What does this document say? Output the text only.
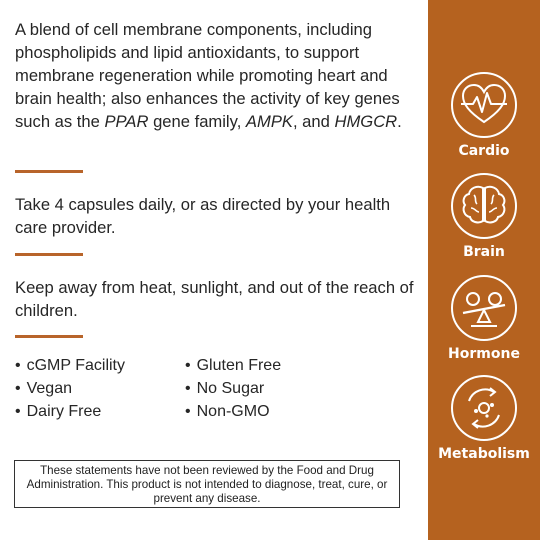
A blend of cell membrane components, including phospholipids and lipid antioxidants, to support membrane regeneration while promoting heart and brain health; also enhances the activity of key genes such as the PPAR gene family, AMPK, and HMGCR.

Take 4 capsules daily, or as directed by your health care provider.

Keep away from heat, sunlight, and out of the reach of children.

• cGMP Facility	• Gluten Free
• Vegan	• No Sugar
• Dairy Free	• Non-GMO
These statements have not been reviewed by the Food and Drug Administration. This product is not intended to diagnose, treat, cure, or prevent any disease.
Cardio
Brain
Hormone
Metabolism
